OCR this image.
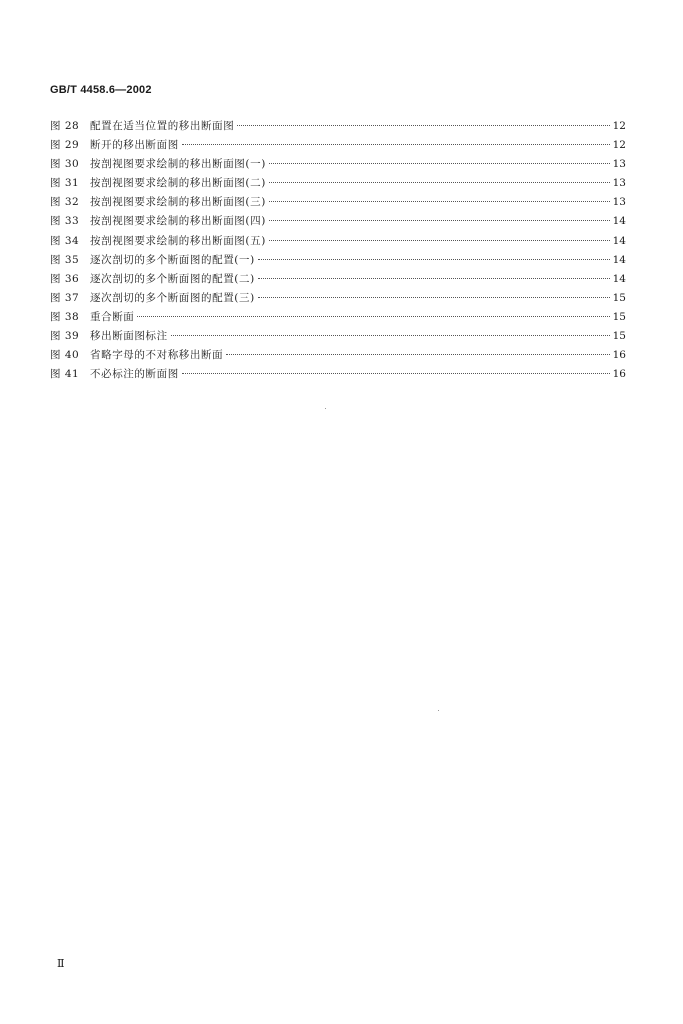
GB/T 4458.6—2002
图 28	配置在适当位置的移出断面图	12
图 29	断开的移出断面图	12
图 30	按剖视图要求绘制的移出断面图(一)	13
图 31	按剖视图要求绘制的移出断面图(二)	13
图 32	按剖视图要求绘制的移出断面图(三)	13
图 33	按剖视图要求绘制的移出断面图(四)	14
图 34	按剖视图要求绘制的移出断面图(五)	14
图 35	逐次剖切的多个断面图的配置(一)	14
图 36	逐次剖切的多个断面图的配置(二)	14
图 37	逐次剖切的多个断面图的配置(三)	15
图 38	重合断面	15
图 39	移出断面图标注	15
图 40	省略字母的不对称移出断面	16
图 41	不必标注的断面图	16
Ⅱ
